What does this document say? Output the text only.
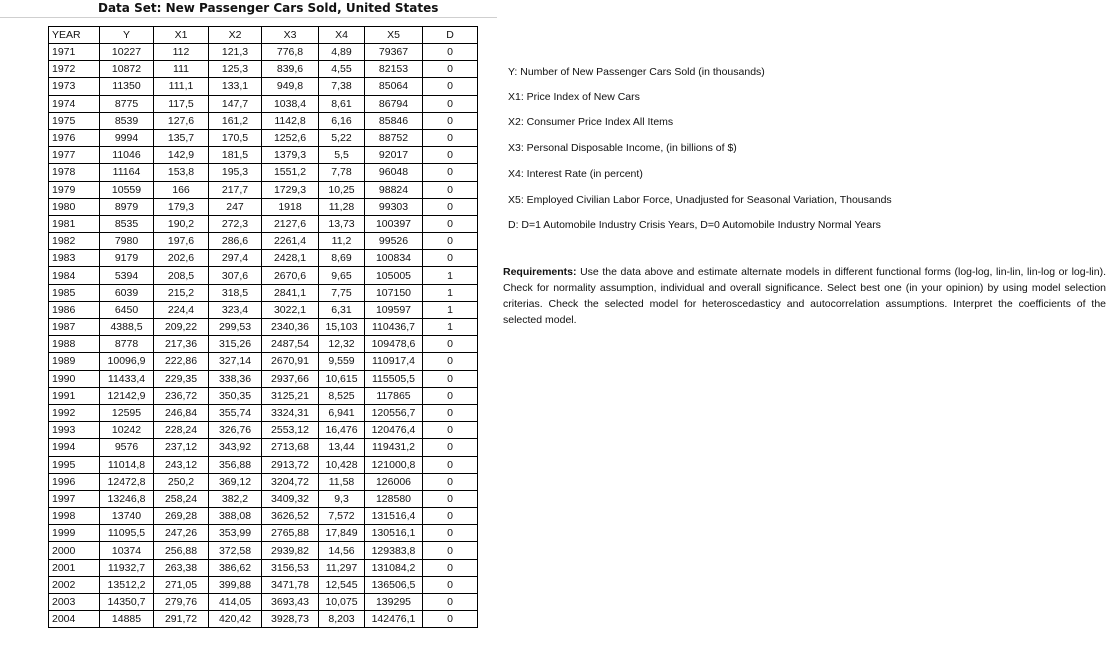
Data Set: New Passenger Cars Sold, United States
YEAR	Y	X1	X2	X3	X4	X5	D
1971	10227	112	121,3	776,8	4,89	79367	0
1972	10872	111	125,3	839,6	4,55	82153	0
1973	11350	111,1	133,1	949,8	7,38	85064	0
1974	8775	117,5	147,7	1038,4	8,61	86794	0
1975	8539	127,6	161,2	1142,8	6,16	85846	0
1976	9994	135,7	170,5	1252,6	5,22	88752	0
1977	11046	142,9	181,5	1379,3	5,5	92017	0
1978	11164	153,8	195,3	1551,2	7,78	96048	0
1979	10559	166	217,7	1729,3	10,25	98824	0
1980	8979	179,3	247	1918	11,28	99303	0
1981	8535	190,2	272,3	2127,6	13,73	100397	0
1982	7980	197,6	286,6	2261,4	11,2	99526	0
1983	9179	202,6	297,4	2428,1	8,69	100834	0
1984	5394	208,5	307,6	2670,6	9,65	105005	1
1985	6039	215,2	318,5	2841,1	7,75	107150	1
1986	6450	224,4	323,4	3022,1	6,31	109597	1
1987	4388,5	209,22	299,53	2340,36	15,103	110436,7	1
1988	8778	217,36	315,26	2487,54	12,32	109478,6	0
1989	10096,9	222,86	327,14	2670,91	9,559	110917,4	0
1990	11433,4	229,35	338,36	2937,66	10,615	115505,5	0
1991	12142,9	236,72	350,35	3125,21	8,525	117865	0
1992	12595	246,84	355,74	3324,31	6,941	120556,7	0
1993	10242	228,24	326,76	2553,12	16,476	120476,4	0
1994	9576	237,12	343,92	2713,68	13,44	119431,2	0
1995	11014,8	243,12	356,88	2913,72	10,428	121000,8	0
1996	12472,8	250,2	369,12	3204,72	11,58	126006	0
1997	13246,8	258,24	382,2	3409,32	9,3	128580	0
1998	13740	269,28	388,08	3626,52	7,572	131516,4	0
1999	11095,5	247,26	353,99	2765,88	17,849	130516,1	0
2000	10374	256,88	372,58	2939,82	14,56	129383,8	0
2001	11932,7	263,38	386,62	3156,53	11,297	131084,2	0
2002	13512,2	271,05	399,88	3471,78	12,545	136506,5	0
2003	14350,7	279,76	414,05	3693,43	10,075	139295	0
2004	14885	291,72	420,42	3928,73	8,203	142476,1	0
Y: Number of New Passenger Cars Sold (in thousands)
X1: Price Index of New Cars
X2: Consumer Price Index All Items
X3: Personal Disposable Income, (in billions of $)
X4: Interest Rate (in percent)
X5: Employed Civilian Labor Force, Unadjusted for Seasonal Variation, Thousands
D: D=1 Automobile Industry Crisis Years, D=0 Automobile Industry Normal Years
Requirements: Use the data above and estimate alternate models in different functional forms (log-log, lin-lin, lin-log or log-lin). Check for normality assumption, individual and overall significance. Select best one (in your opinion) by using model selection criterias. Check the selected model for heteroscedasticy and autocorrelation assumptions. Interpret the coefficients of the selected model.
